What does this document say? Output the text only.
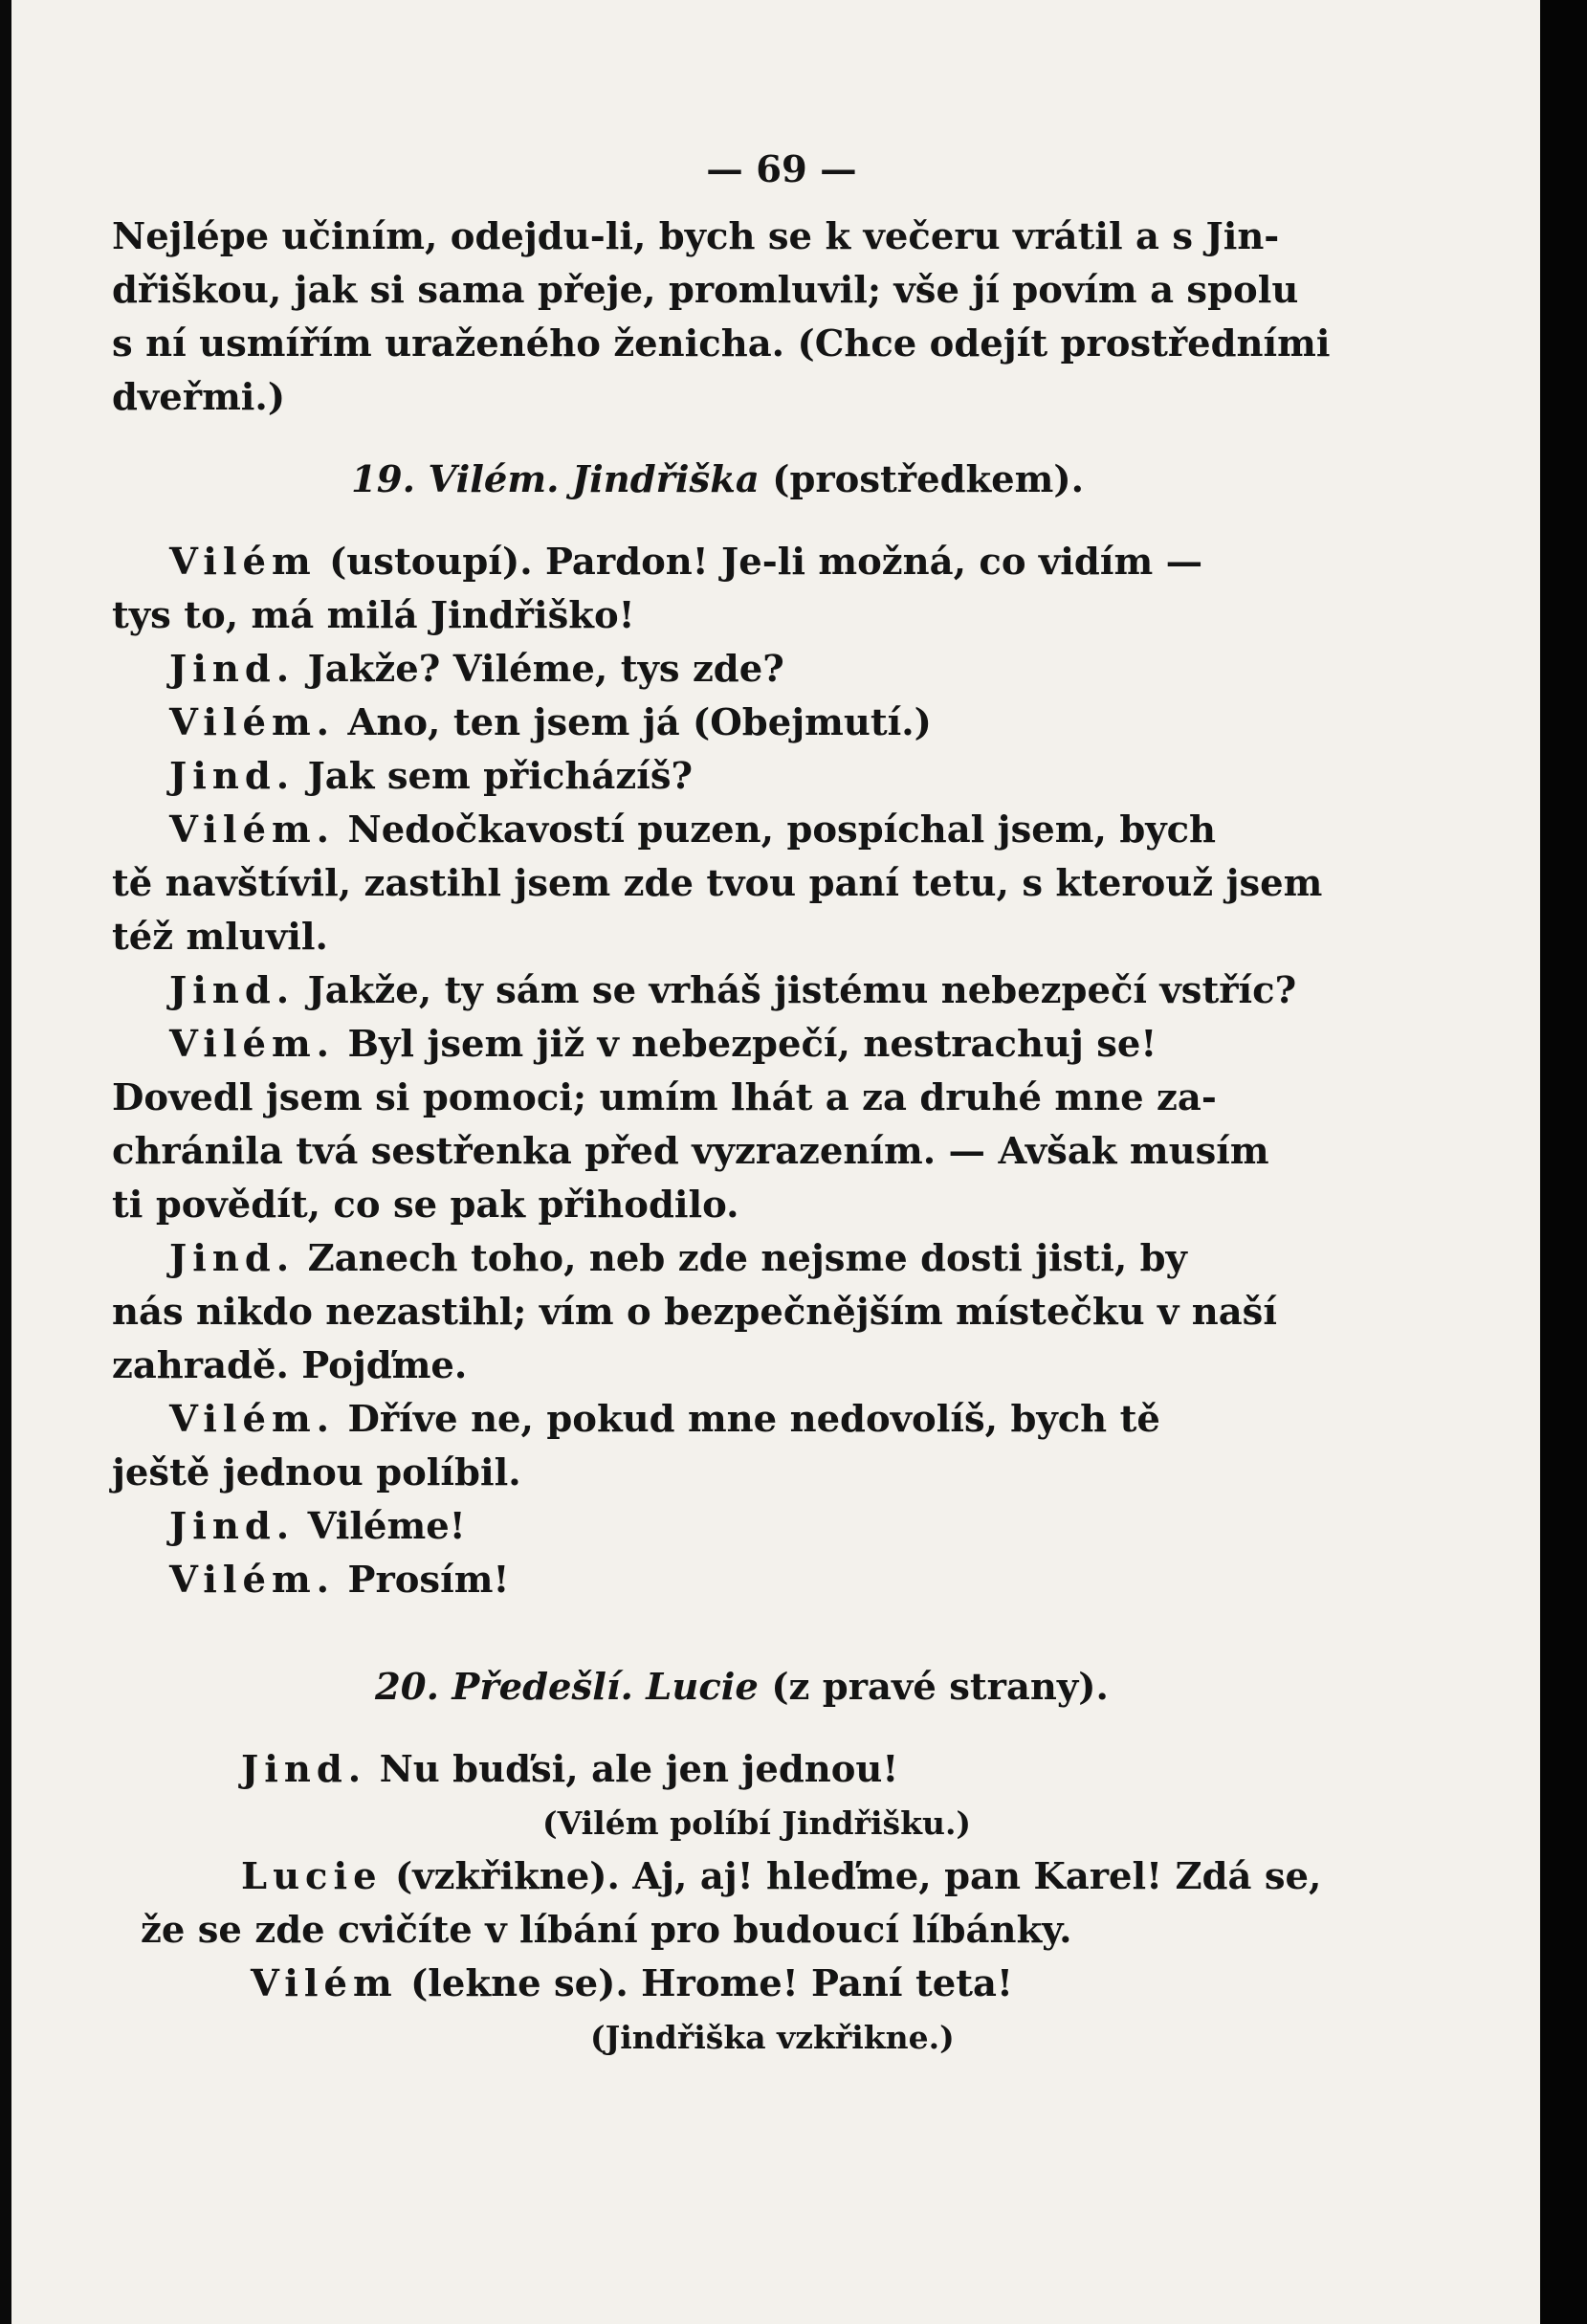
— 69 —
Nejlépe učiním, odejdu-li, bych se k večeru vrátil a s Jin-
dřiškou, jak si sama přeje, promluvil; vše jí povím a spolu
s ní usmířím uraženého ženicha. (Chce odejít prostředními
dveřmi.)
19. Vilém. Jindřiška (prostředkem).
Vilém (ustoupí). Pardon! Je-li možná, co vidím —
tys to, má milá Jindřiško!
Jind. Jakže? Viléme, tys zde?
Vilém. Ano, ten jsem já (Obejmutí.)
Jind. Jak sem přicházíš?
Vilém. Nedočkavostí puzen, pospíchal jsem, bych
tě navštívil, zastihl jsem zde tvou paní tetu, s kterouž jsem
též mluvil.
Jind. Jakže, ty sám se vrháš jistému nebezpečí vstříc?
Vilém. Byl jsem již v nebezpečí, nestrachuj se!
Dovedl jsem si pomoci; umím lhát a za druhé mne za-
chránila tvá sestřenka před vyzrazením. — Avšak musím
ti povědít, co se pak přihodilo.
Jind. Zanech toho, neb zde nejsme dosti jisti, by
nás nikdo nezastihl; vím o bezpečnějším místečku v naší
zahradě. Pojďme.
Vilém. Dříve ne, pokud mne nedovolíš, bych tě
ještě jednou políbil.
Jind. Viléme!
Vilém. Prosím!
20. Předešlí. Lucie (z pravé strany).
Jind. Nu buďsi, ale jen jednou!
(Vilém políbí Jindřišku.)
Lucie (vzkřikne). Aj, aj! hleďme, pan Karel! Zdá se,
že se zde cvičíte v líbání pro budoucí líbánky.
Vilém (lekne se). Hrome! Paní teta!
(Jindřiška vzkřikne.)
